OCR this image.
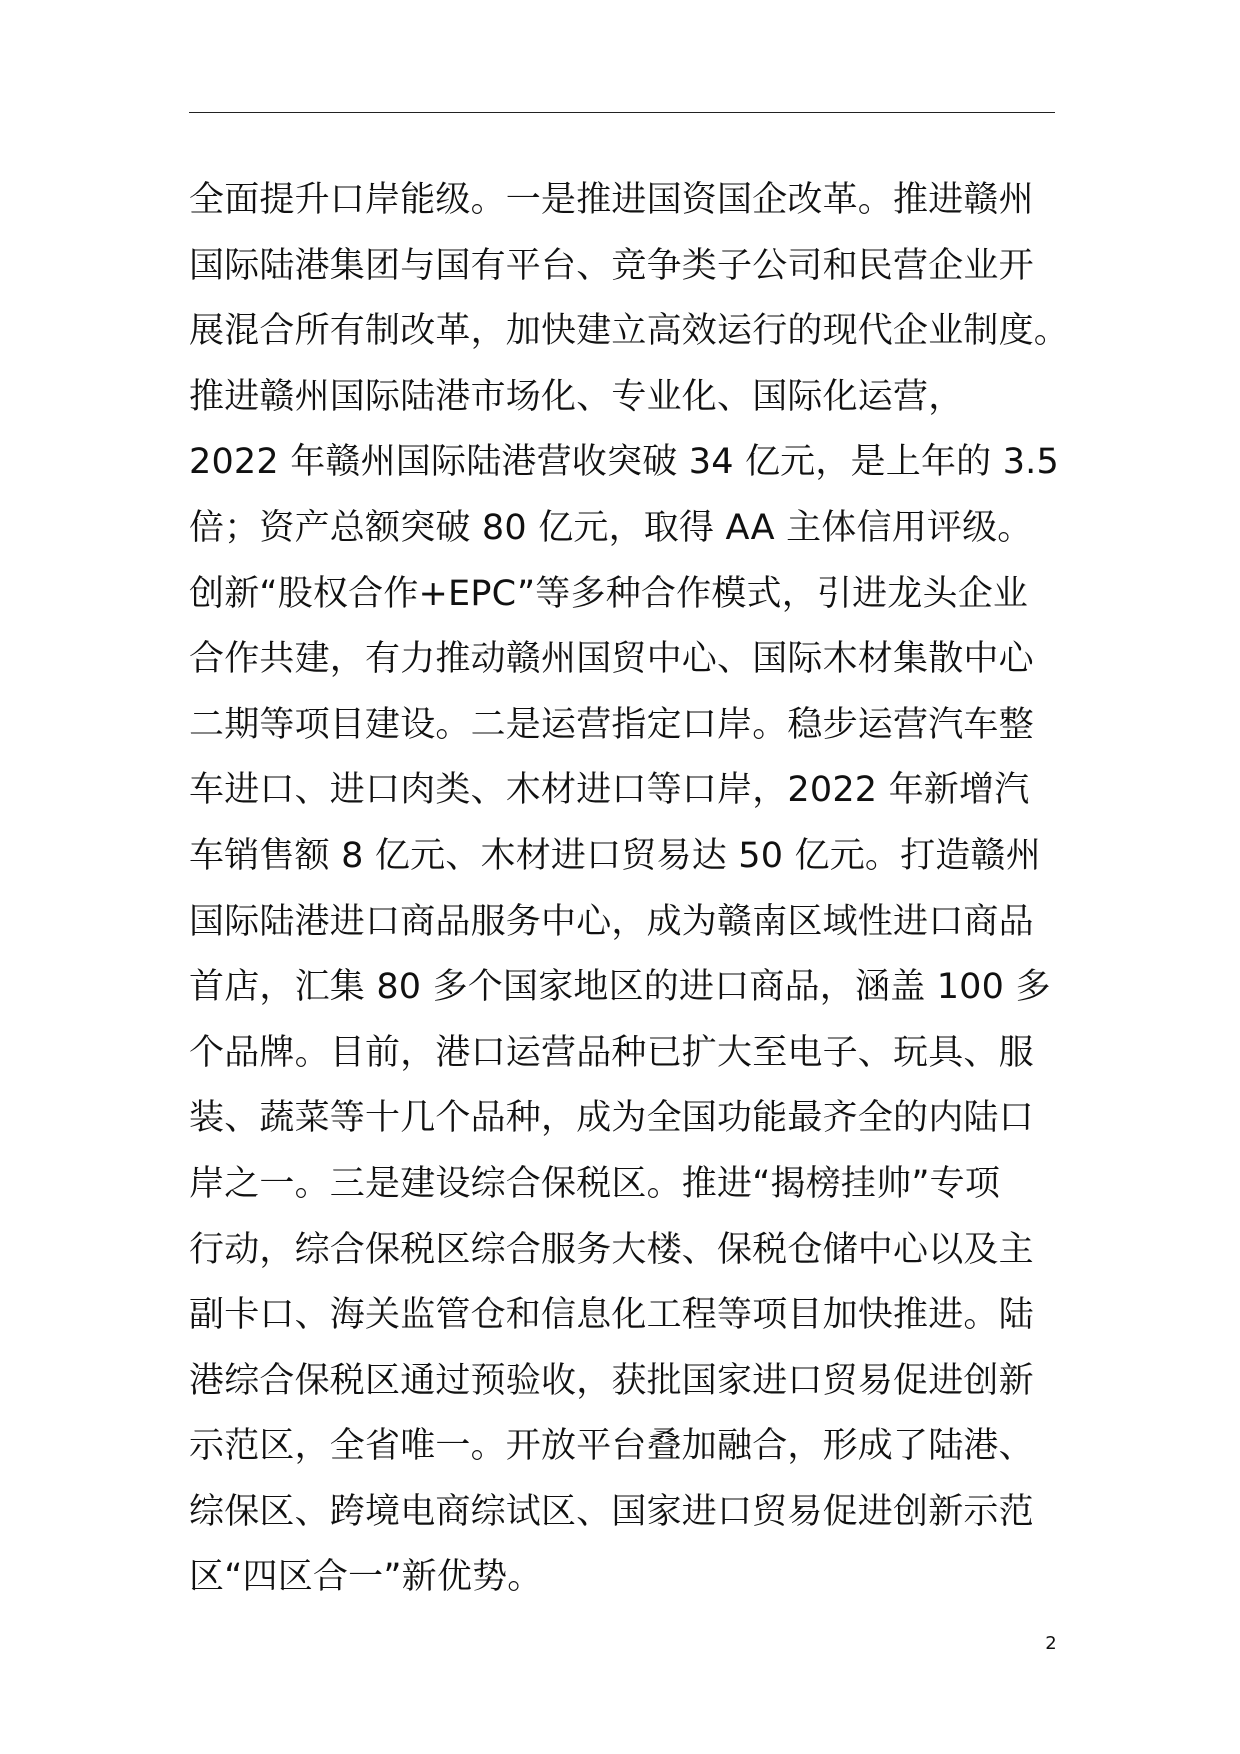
全面提升口岸能级。一是推进国资国企改革。推进赣州
国际陆港集团与国有平台、竞争类子公司和民营企业开
展混合所有制改革，加快建立高效运行的现代企业制度。
推进赣州国际陆港市场化、专业化、国际化运营，
2022 年赣州国际陆港营收突破 34 亿元，是上年的 3.5
倍；资产总额突破 80 亿元，取得 AA 主体信用评级。
创新“股权合作+EPC”等多种合作模式，引进龙头企业
合作共建，有力推动赣州国贸中心、国际木材集散中心
二期等项目建设。二是运营指定口岸。稳步运营汽车整
车进口、进口肉类、木材进口等口岸，2022 年新增汽
车销售额 8 亿元、木材进口贸易达 50 亿元。打造赣州
国际陆港进口商品服务中心，成为赣南区域性进口商品
首店，汇集 80 多个国家地区的进口商品，涵盖 100 多
个品牌。目前，港口运营品种已扩大至电子、玩具、服
装、蔬菜等十几个品种，成为全国功能最齐全的内陆口
岸之一。三是建设综合保税区。推进“揭榜挂帅”专项
行动，综合保税区综合服务大楼、保税仓储中心以及主
副卡口、海关监管仓和信息化工程等项目加快推进。陆
港综合保税区通过预验收，获批国家进口贸易促进创新
示范区，全省唯一。开放平台叠加融合，形成了陆港、
综保区、跨境电商综试区、国家进口贸易促进创新示范
区“四区合一”新优势。
2
